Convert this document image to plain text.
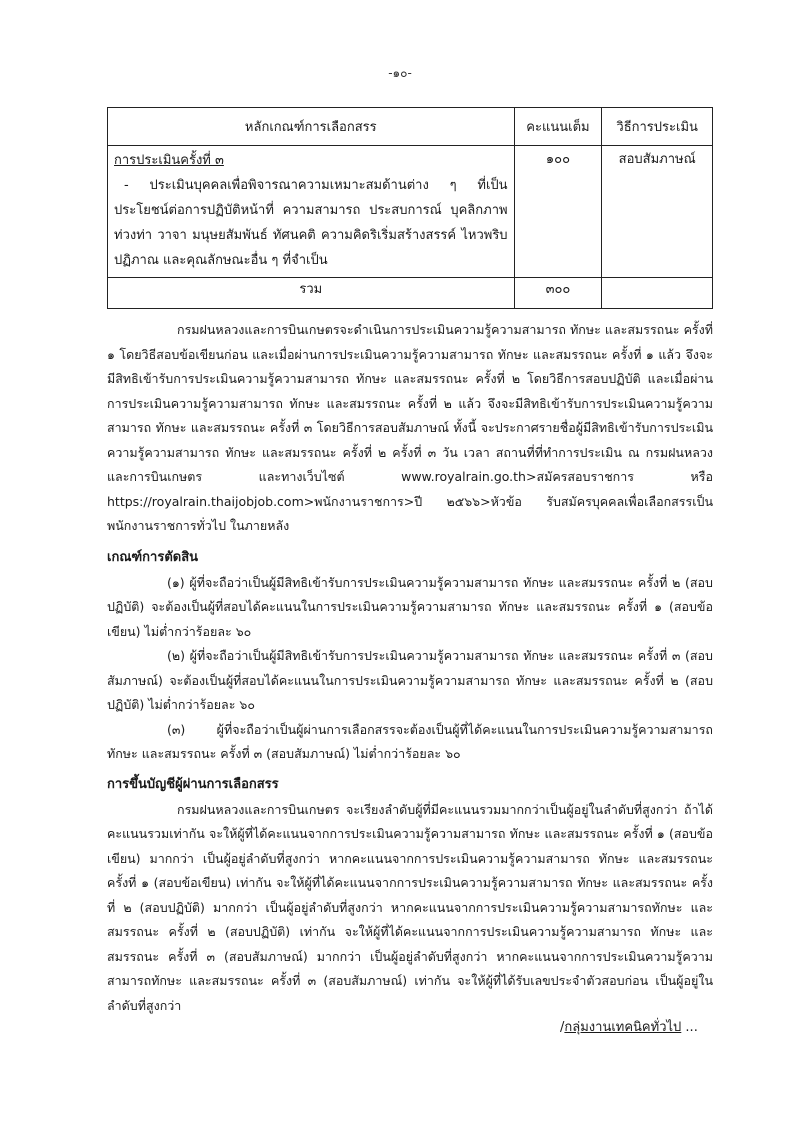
-๑๐-
หลักเกณฑ์การเลือกสรร	คะแนนเต็ม	วิธีการประเมิน

การประเมินครั้งที่ ๓
- ประเมินบุคคลเพื่อพิจารณาความเหมาะสมด้านต่าง ๆ ที่เป็นประโยชน์ต่อการปฏิบัติหน้าที่ ความสามารถ ประสบการณ์ บุคลิกภาพ ท่วงท่า วาจา มนุษยสัมพันธ์ ทัศนคติ ความคิดริเริ่มสร้างสรรค์ ไหวพริบปฏิภาณ และคุณลักษณะอื่น ๆ ที่จำเป็น	๑๐๐	สอบสัมภาษณ์
รวม	๓๐๐	

กรมฝนหลวงและการบินเกษตรจะดำเนินการประเมินความรู้ความสามารถ ทักษะ และสมรรถนะ ครั้งที่ ๑ โดยวิธีสอบข้อเขียนก่อน และเมื่อผ่านการประเมินความรู้ความสามารถ ทักษะ และสมรรถนะ ครั้งที่ ๑ แล้ว จึงจะมีสิทธิเข้ารับการประเมินความรู้ความสามารถ ทักษะ และสมรรถนะ ครั้งที่ ๒ โดยวิธีการสอบปฏิบัติ และเมื่อผ่านการประเมินความรู้ความสามารถ ทักษะ และสมรรถนะ ครั้งที่ ๒ แล้ว จึงจะมีสิทธิเข้ารับการประเมินความรู้ความสามารถ ทักษะ และสมรรถนะ ครั้งที่ ๓ โดยวิธีการสอบสัมภาษณ์ ทั้งนี้ จะประกาศรายชื่อผู้มีสิทธิเข้ารับการประเมินความรู้ความสามารถ ทักษะ และสมรรถนะ ครั้งที่ ๒ ครั้งที่ ๓ วัน เวลา สถานที่ที่ทำการประเมิน ณ กรมฝนหลวงและการบินเกษตร และทางเว็บไซต์ www.royalrain.go.th>สมัครสอบราชการ หรือ https://royalrain.thaijobjob.com>พนักงานราชการ>ปี ๒๕๖๖>หัวข้อ รับสมัครบุคคลเพื่อเลือกสรรเป็นพนักงานราชการทั่วไป ในภายหลัง

เกณฑ์การตัดสิน

(๑) ผู้ที่จะถือว่าเป็นผู้มีสิทธิเข้ารับการประเมินความรู้ความสามารถ ทักษะ และสมรรถนะ ครั้งที่ ๒ (สอบปฏิบัติ) จะต้องเป็นผู้ที่สอบได้คะแนนในการประเมินความรู้ความสามารถ ทักษะ และสมรรถนะ ครั้งที่ ๑ (สอบข้อเขียน) ไม่ต่ำกว่าร้อยละ ๖๐

(๒) ผู้ที่จะถือว่าเป็นผู้มีสิทธิเข้ารับการประเมินความรู้ความสามารถ ทักษะ และสมรรถนะ ครั้งที่ ๓ (สอบสัมภาษณ์) จะต้องเป็นผู้ที่สอบได้คะแนนในการประเมินความรู้ความสามารถ ทักษะ และสมรรถนะ ครั้งที่ ๒ (สอบปฏิบัติ) ไม่ต่ำกว่าร้อยละ ๖๐

(๓) ผู้ที่จะถือว่าเป็นผู้ผ่านการเลือกสรรจะต้องเป็นผู้ที่ได้คะแนนในการประเมินความรู้ความสามารถ ทักษะ และสมรรถนะ ครั้งที่ ๓ (สอบสัมภาษณ์) ไม่ต่ำกว่าร้อยละ ๖๐

การขึ้นบัญชีผู้ผ่านการเลือกสรร

กรมฝนหลวงและการบินเกษตร จะเรียงลำดับผู้ที่มีคะแนนรวมมากกว่าเป็นผู้อยู่ในลำดับที่สูงกว่า ถ้าได้คะแนนรวมเท่ากัน จะให้ผู้ที่ได้คะแนนจากการประเมินความรู้ความสามารถ ทักษะ และสมรรถนะ ครั้งที่ ๑ (สอบข้อเขียน) มากกว่า เป็นผู้อยู่ลำดับที่สูงกว่า หากคะแนนจากการประเมินความรู้ความสามารถ ทักษะ และสมรรถนะ ครั้งที่ ๑ (สอบข้อเขียน) เท่ากัน จะให้ผู้ที่ได้คะแนนจากการประเมินความรู้ความสามารถ ทักษะ และสมรรถนะ ครั้งที่ ๒ (สอบปฏิบัติ) มากกว่า เป็นผู้อยู่ลำดับที่สูงกว่า หากคะแนนจากการประเมินความรู้ความสามารถทักษะ และสมรรถนะ ครั้งที่ ๒ (สอบปฏิบัติ) เท่ากัน จะให้ผู้ที่ได้คะแนนจากการประเมินความรู้ความสามารถ ทักษะ และสมรรถนะ ครั้งที่ ๓ (สอบสัมภาษณ์) มากกว่า เป็นผู้อยู่ลำดับที่สูงกว่า หากคะแนนจากการประเมินความรู้ความสามารถทักษะ และสมรรถนะ ครั้งที่ ๓ (สอบสัมภาษณ์) เท่ากัน จะให้ผู้ที่ได้รับเลขประจำตัวสอบก่อน เป็นผู้อยู่ในลำดับที่สูงกว่า

/กลุ่มงานเทคนิคทั่วไป ...
